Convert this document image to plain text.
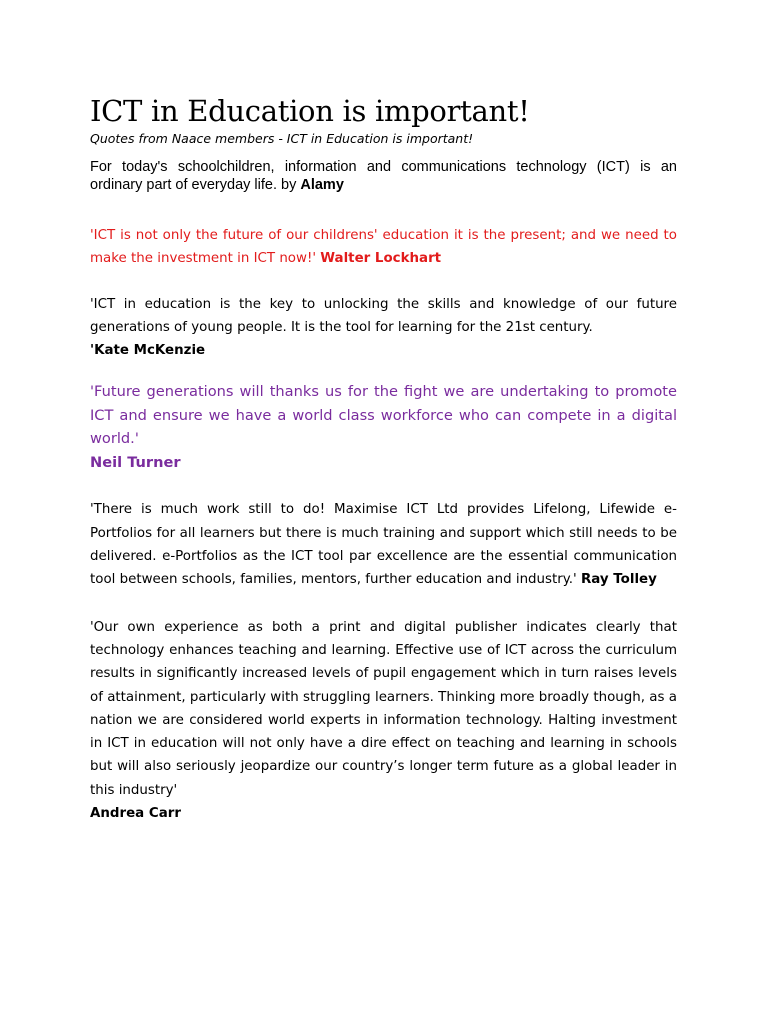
ICT in Education is important!

Quotes from Naace members - ICT in Education is important!

For today's schoolchildren, information and communications technology (ICT) is an ordinary part of everyday life. by Alamy

'ICT is not only the future of our childrens' education it is the present; and we need to make the investment in ICT now!' Walter Lockhart

'ICT in education is the key to unlocking the skills and knowledge of our future generations of young people. It is the tool for learning for the 21st century.
'Kate McKenzie

'Future generations will thanks us for the fight we are undertaking to promote ICT and ensure we have a world class workforce who can compete in a digital world.'
Neil Turner

'There is much work still to do! Maximise ICT Ltd provides Lifelong, Lifewide e-Portfolios for all learners but there is much training and support which still needs to be delivered. e-Portfolios as the ICT tool par excellence are the essential communication tool between schools, families, mentors, further education and industry.' Ray Tolley

'Our own experience as both a print and digital publisher indicates clearly that technology enhances teaching and learning. Effective use of ICT across the curriculum results in significantly increased levels of pupil engagement which in turn raises levels of attainment, particularly with struggling learners. Thinking more broadly though, as a nation we are considered world experts in information technology. Halting investment in ICT in education will not only have a dire effect on teaching and learning in schools but will also seriously jeopardize our country’s longer term future as a global leader in this industry'
Andrea Carr
